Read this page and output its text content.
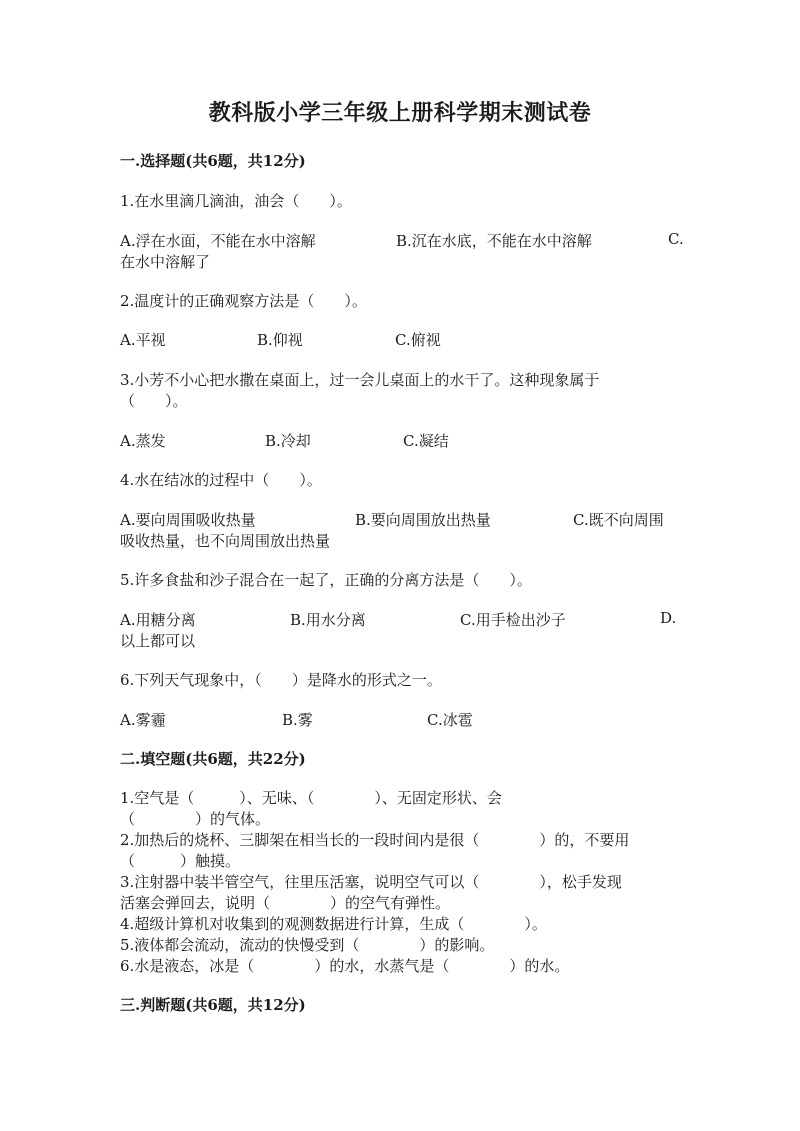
教科版小学三年级上册科学期末测试卷
一.选择题(共6题，共12分)
1.在水里滴几滴油，油会（　　）。
A.浮在水面，不能在水中溶解	B.沉在水底，不能在水中溶解	C.
在水中溶解了
2.温度计的正确观察方法是（　　）。
A.平视	B.仰视	C.俯视
3.小芳不小心把水撒在桌面上，过一会儿桌面上的水干了。这种现象属于
（　　）。
A.蒸发	B.冷却	C.凝结
4.水在结冰的过程中（　　）。
A.要向周围吸收热量	B.要向周围放出热量	C.既不向周围
吸收热量，也不向周围放出热量
5.许多食盐和沙子混合在一起了，正确的分离方法是（　　）。
A.用糖分离	B.用水分离	C.用手检出沙子	D.
以上都可以
6.下列天气现象中，（　　）是降水的形式之一。
A.雾霾	B.雾	C.冰雹
二.填空题(共6题，共22分)
1.空气是（　　　）、无味、（　　　　）、无固定形状、会
（　　　　）的气体。
2.加热后的烧杯、三脚架在相当长的一段时间内是很（　　　　）的，不要用
（　　　）触摸。
3.注射器中装半管空气，往里压活塞，说明空气可以（　　　　），松手发现
活塞会弹回去，说明（　　　　）的空气有弹性。
4.超级计算机对收集到的观测数据进行计算，生成（　　　　）。
5.液体都会流动，流动的快慢受到（　　　　）的影响。
6.水是液态，冰是（　　　　）的水，水蒸气是（　　　　）的水。
三.判断题(共6题，共12分)
